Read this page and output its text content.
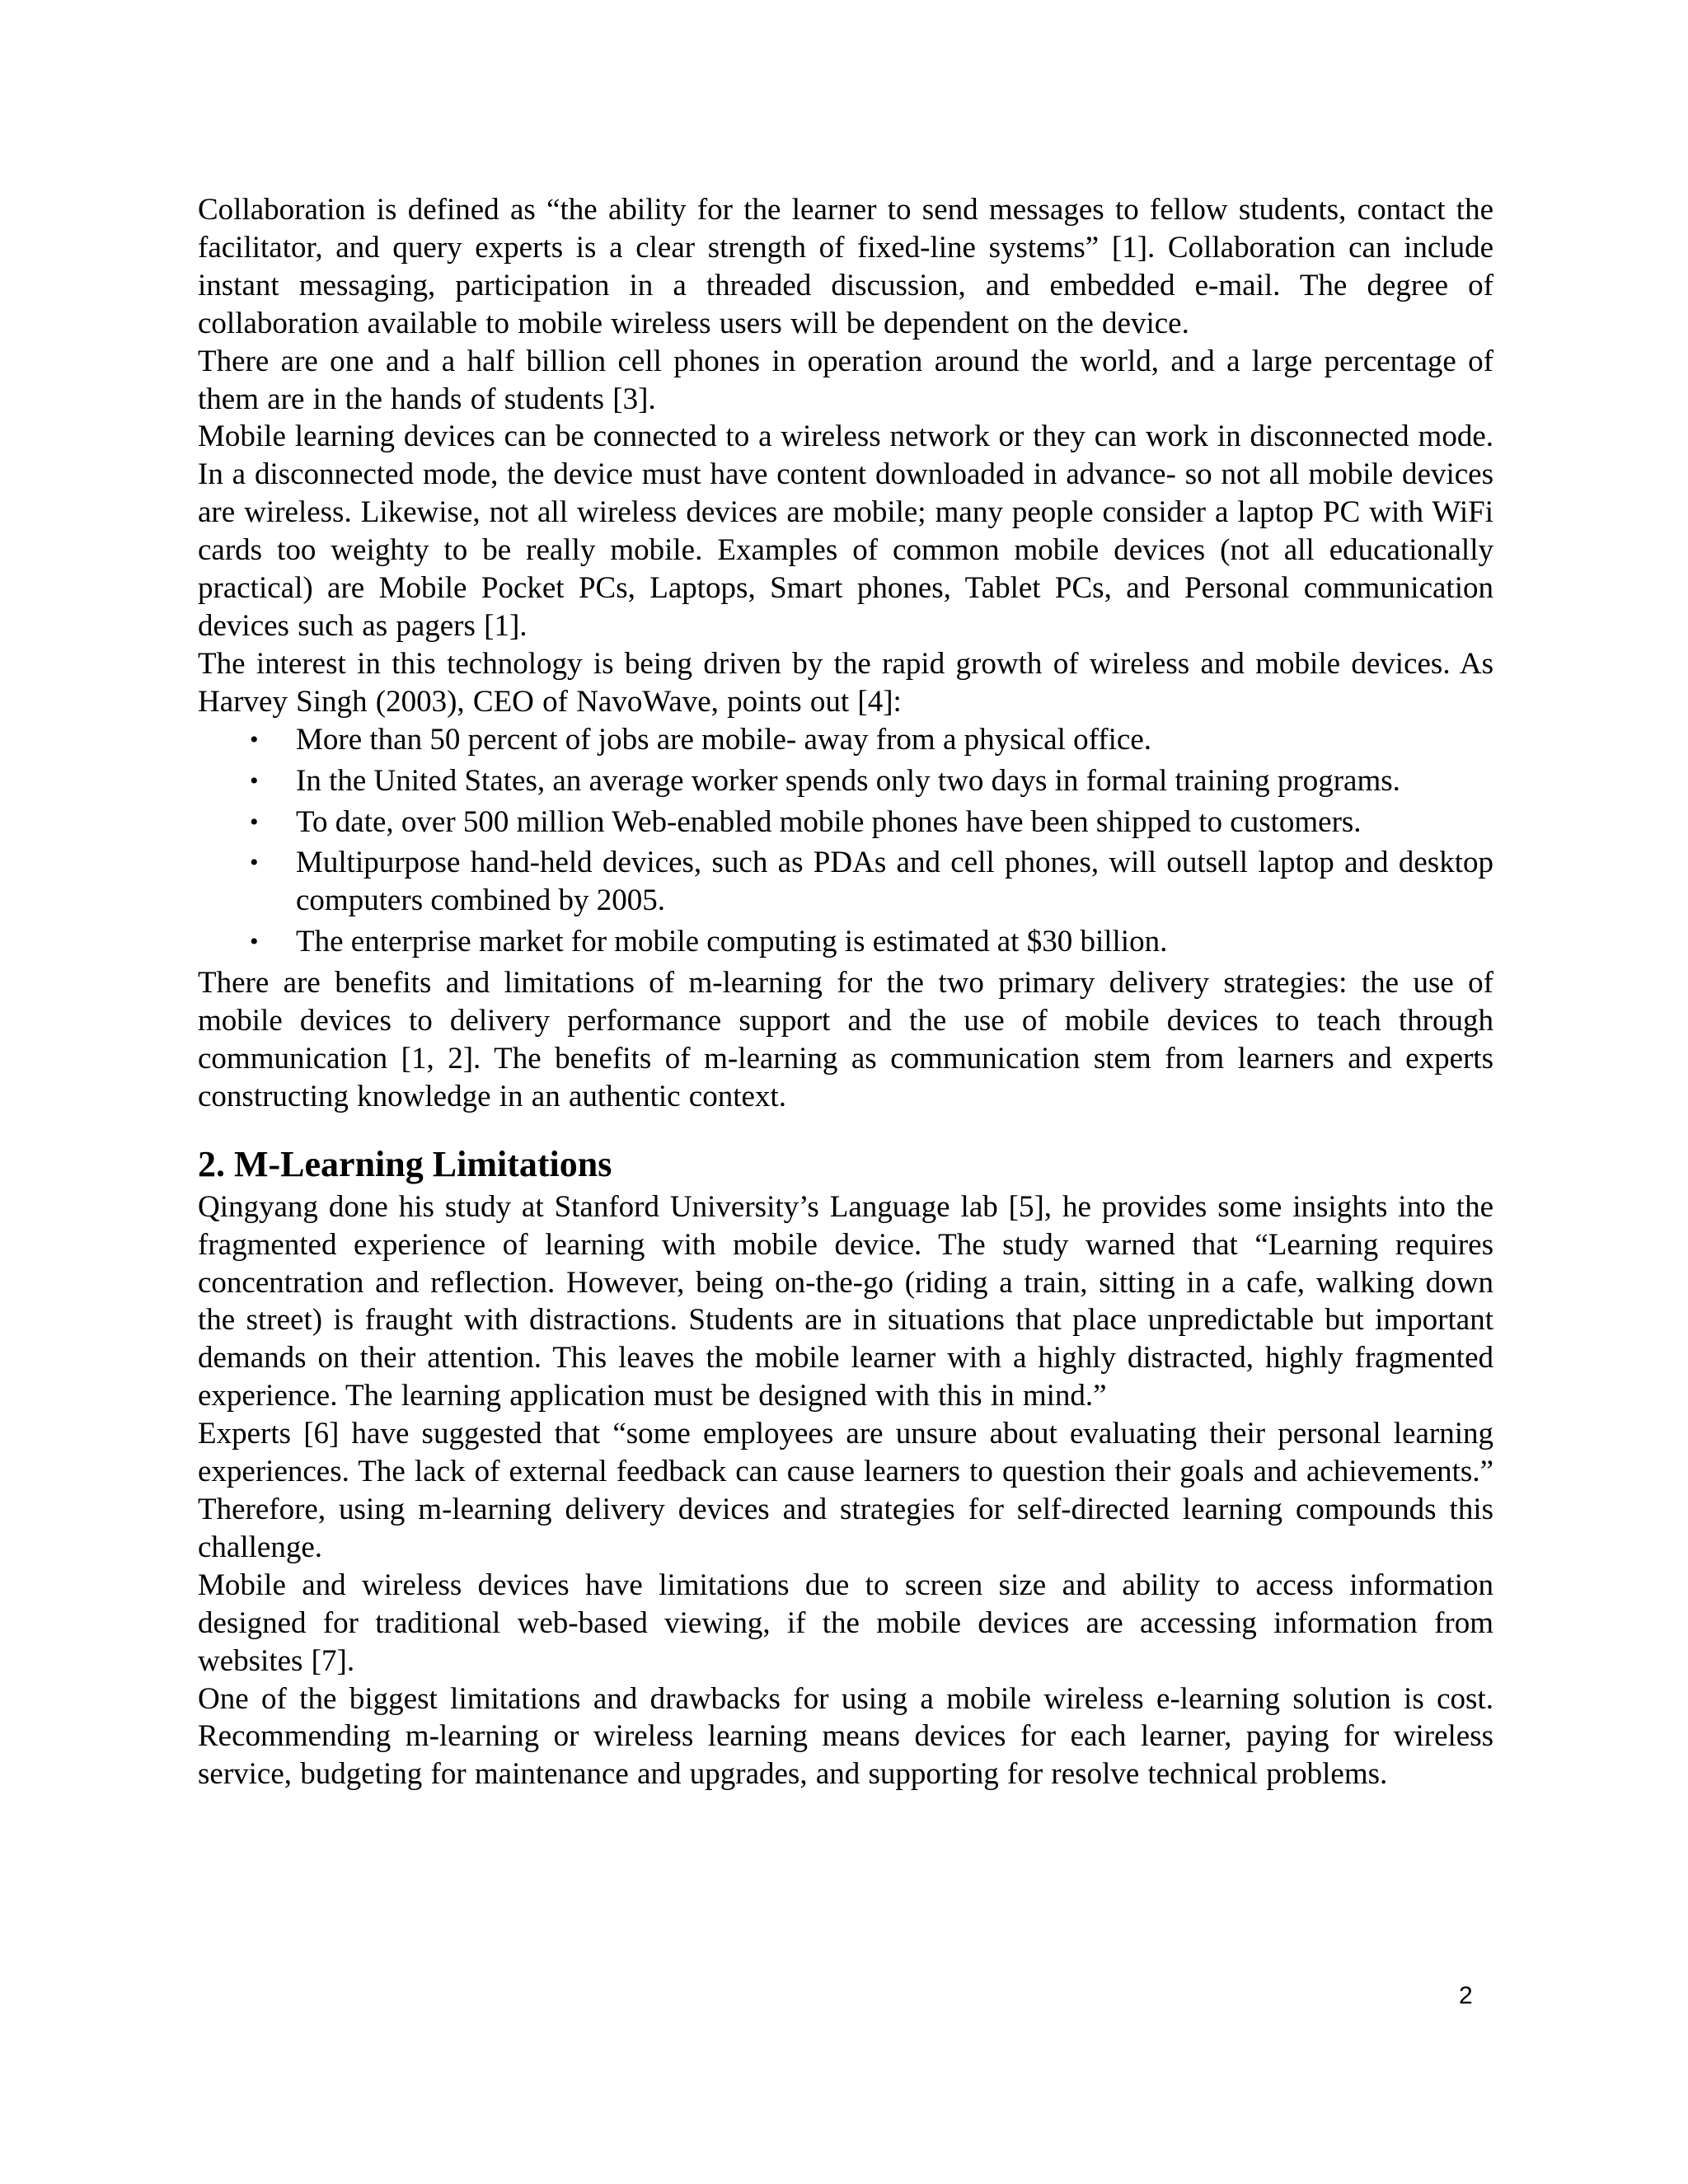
Collaboration is defined as “the ability for the learner to send messages to fellow students, contact the facilitator, and query experts is a clear strength of fixed-line systems” [1]. Collaboration can include instant messaging, participation in a threaded discussion, and embedded e-mail. The degree of collaboration available to mobile wireless users will be dependent on the device.

There are one and a half billion cell phones in operation around the world, and a large percentage of them are in the hands of students [3].

Mobile learning devices can be connected to a wireless network or they can work in disconnected mode. In a disconnected mode, the device must have content downloaded in advance- so not all mobile devices are wireless. Likewise, not all wireless devices are mobile; many people consider a laptop PC with WiFi cards too weighty to be really mobile. Examples of common mobile devices (not all educationally practical) are Mobile Pocket PCs, Laptops, Smart phones, Tablet PCs, and Personal communication devices such as pagers [1].

The interest in this technology is being driven by the rapid growth of wireless and mobile devices. As Harvey Singh (2003), CEO of NavoWave, points out [4]:

• More than 50 percent of jobs are mobile- away from a physical office.
• In the United States, an average worker spends only two days in formal training programs.
• To date, over 500 million Web-enabled mobile phones have been shipped to customers.
• Multipurpose hand-held devices, such as PDAs and cell phones, will outsell laptop and desktop computers combined by 2005.
• The enterprise market for mobile computing is estimated at $30 billion.

There are benefits and limitations of m-learning for the two primary delivery strategies: the use of mobile devices to delivery performance support and the use of mobile devices to teach through communication [1, 2]. The benefits of m-learning as communication stem from learners and experts constructing knowledge in an authentic context.

2. M-Learning Limitations

Qingyang done his study at Stanford University’s Language lab [5], he provides some insights into the fragmented experience of learning with mobile device. The study warned that “Learning requires concentration and reflection. However, being on-the-go (riding a train, sitting in a cafe, walking down the street) is fraught with distractions. Students are in situations that place unpredictable but important demands on their attention. This leaves the mobile learner with a highly distracted, highly fragmented experience. The learning application must be designed with this in mind.”

Experts [6] have suggested that “some employees are unsure about evaluating their personal learning experiences. The lack of external feedback can cause learners to question their goals and achievements.” Therefore, using m-learning delivery devices and strategies for self-directed learning compounds this challenge.

Mobile and wireless devices have limitations due to screen size and ability to access information designed for traditional web-based viewing, if the mobile devices are accessing information from websites [7].

One of the biggest limitations and drawbacks for using a mobile wireless e-learning solution is cost. Recommending m-learning or wireless learning means devices for each learner, paying for wireless service, budgeting for maintenance and upgrades, and supporting for resolve technical problems.

2
